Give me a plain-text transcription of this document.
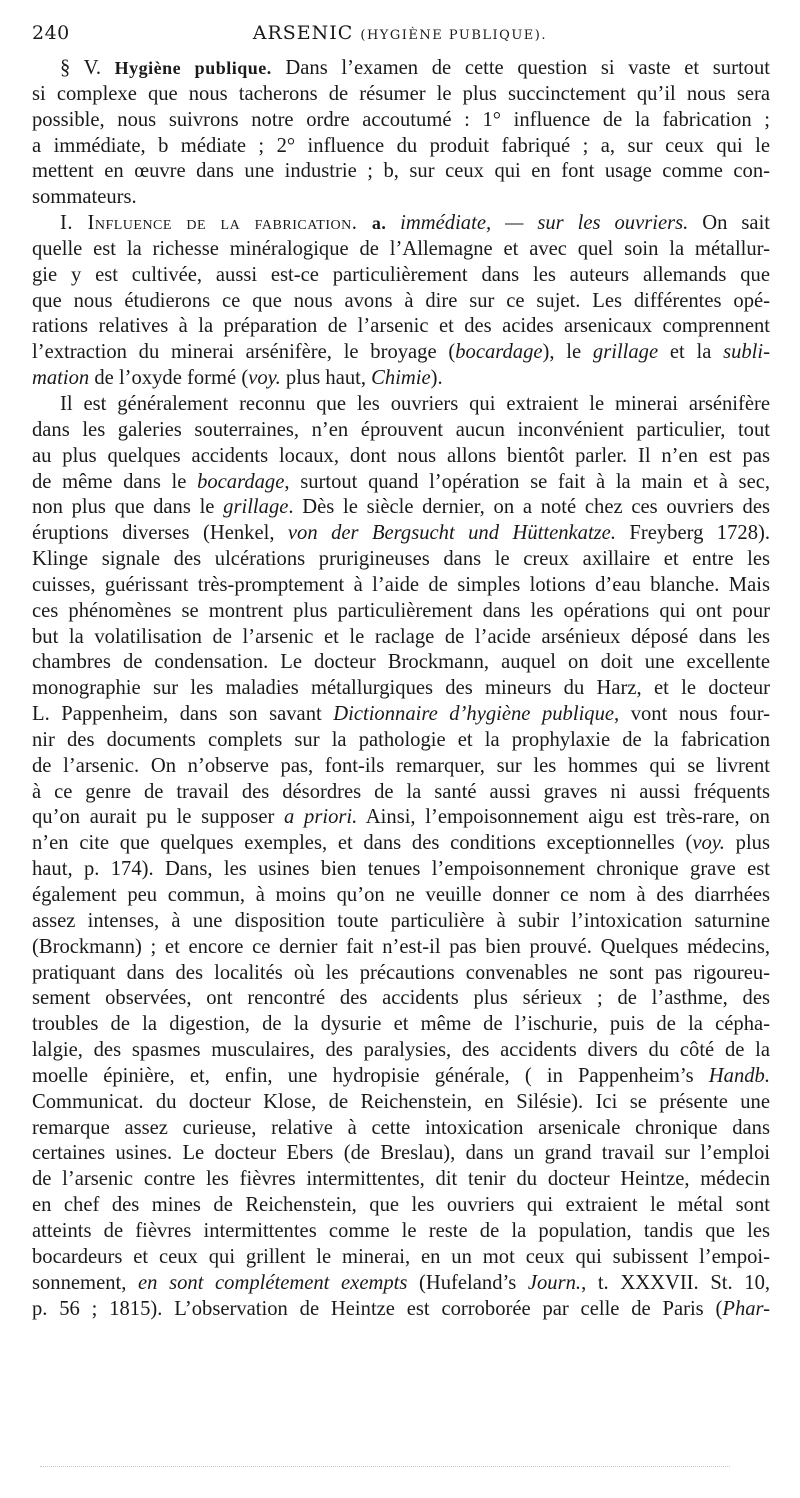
240	ARSENIC (HYGIÈNE PUBLIQUE).
§ V. Hygiène publique. Dans l’examen de cette question si vaste et surtout
si complexe que nous tacherons de résumer le plus succinctement qu’il nous sera
possible, nous suivrons notre ordre accoutumé : 1° influence de la fabrication ;
a immédiate, b médiate ; 2° influence du produit fabriqué ; a, sur ceux qui le
mettent en œuvre dans une industrie ; b, sur ceux qui en font usage comme con-
sommateurs.
I. Influence de la fabrication. a. immédiate, — sur les ouvriers. On sait
quelle est la richesse minéralogique de l’Allemagne et avec quel soin la métallur-
gie y est cultivée, aussi est-ce particulièrement dans les auteurs allemands que
que nous étudierons ce que nous avons à dire sur ce sujet. Les différentes opé-
rations relatives à la préparation de l’arsenic et des acides arsenicaux comprennent
l’extraction du minerai arsénifère, le broyage (bocardage), le grillage et la subli-
mation de l’oxyde formé (voy. plus haut, Chimie).
Il est généralement reconnu que les ouvriers qui extraient le minerai arsénifère
dans les galeries souterraines, n’en éprouvent aucun inconvénient particulier, tout
au plus quelques accidents locaux, dont nous allons bientôt parler. Il n’en est pas
de même dans le bocardage, surtout quand l’opération se fait à la main et à sec,
non plus que dans le grillage. Dès le siècle dernier, on a noté chez ces ouvriers des
éruptions diverses (Henkel, von der Bergsucht und Hüttenkatze. Freyberg 1728).
Klinge signale des ulcérations prurigineuses dans le creux axillaire et entre les
cuisses, guérissant très-promptement à l’aide de simples lotions d’eau blanche. Mais
ces phénomènes se montrent plus particulièrement dans les opérations qui ont pour
but la volatilisation de l’arsenic et le raclage de l’acide arsénieux déposé dans les
chambres de condensation. Le docteur Brockmann, auquel on doit une excellente
monographie sur les maladies métallurgiques des mineurs du Harz, et le docteur
L. Pappenheim, dans son savant Dictionnaire d’hygiène publique, vont nous four-
nir des documents complets sur la pathologie et la prophylaxie de la fabrication
de l’arsenic. On n’observe pas, font-ils remarquer, sur les hommes qui se livrent
à ce genre de travail des désordres de la santé aussi graves ni aussi fréquents
qu’on aurait pu le supposer a priori. Ainsi, l’empoisonnement aigu est très-rare, on
n’en cite que quelques exemples, et dans des conditions exceptionnelles (voy. plus
haut, p. 174). Dans, les usines bien tenues l’empoisonnement chronique grave est
également peu commun, à moins qu’on ne veuille donner ce nom à des diarrhées
assez intenses, à une disposition toute particulière à subir l’intoxication saturnine
(Brockmann) ; et encore ce dernier fait n’est-il pas bien prouvé. Quelques médecins,
pratiquant dans des localités où les précautions convenables ne sont pas rigoureu-
sement observées, ont rencontré des accidents plus sérieux ; de l’asthme, des
troubles de la digestion, de la dysurie et même de l’ischurie, puis de la cépha-
lalgie, des spasmes musculaires, des paralysies, des accidents divers du côté de la
moelle épinière, et, enfin, une hydropisie générale, ( in Pappenheim’s Handb.
Communicat. du docteur Klose, de Reichenstein, en Silésie). Ici se présente une
remarque assez curieuse, relative à cette intoxication arsenicale chronique dans
certaines usines. Le docteur Ebers (de Breslau), dans un grand travail sur l’emploi
de l’arsenic contre les fièvres intermittentes, dit tenir du docteur Heintze, médecin
en chef des mines de Reichenstein, que les ouvriers qui extraient le métal sont
atteints de fièvres intermittentes comme le reste de la population, tandis que les
bocardeurs et ceux qui grillent le minerai, en un mot ceux qui subissent l’empoi-
sonnement, en sont complétement exempts (Hufeland’s Journ., t. XXXVII. St. 10,
p. 56 ; 1815). L’observation de Heintze est corroborée par celle de Paris (Phar-
